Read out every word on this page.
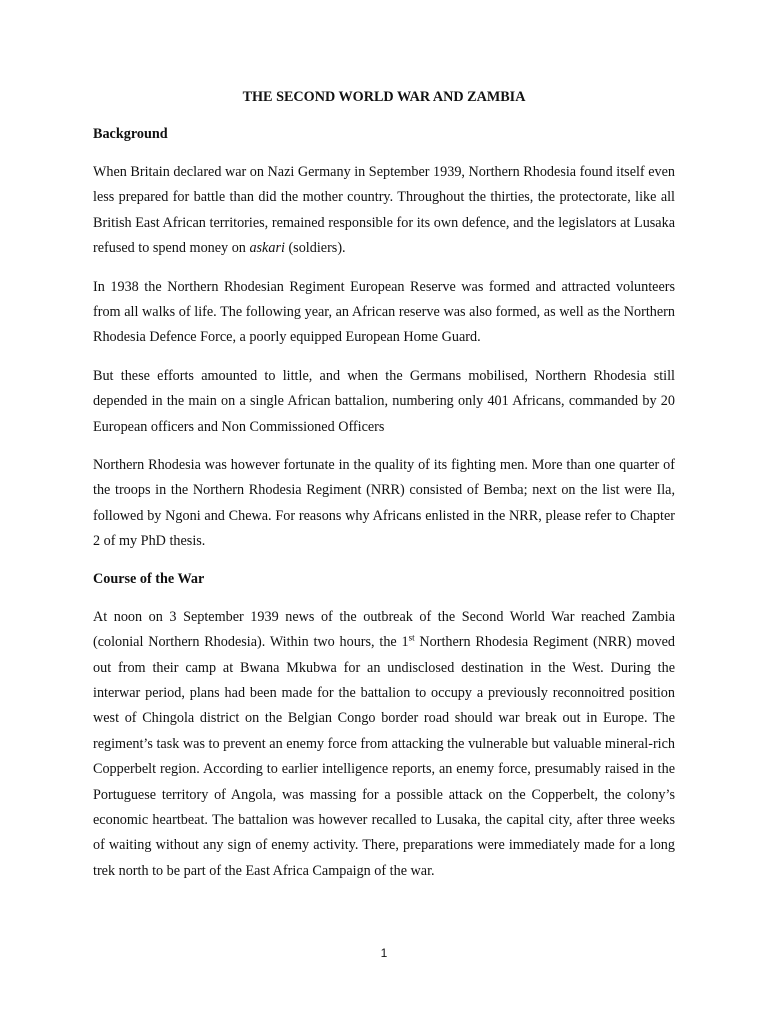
THE SECOND WORLD WAR AND ZAMBIA
Background

When Britain declared war on Nazi Germany in September 1939, Northern Rhodesia found itself even less prepared for battle than did the mother country. Throughout the thirties, the protectorate, like all British East African territories, remained responsible for its own defence, and the legislators at Lusaka refused to spend money on askari (soldiers).

In 1938 the Northern Rhodesian Regiment European Reserve was formed and attracted volunteers from all walks of life. The following year, an African reserve was also formed, as well as the Northern Rhodesia Defence Force, a poorly equipped European Home Guard.

But these efforts amounted to little, and when the Germans mobilised, Northern Rhodesia still depended in the main on a single African battalion, numbering only 401 Africans, commanded by 20 European officers and Non Commissioned Officers

Northern Rhodesia was however fortunate in the quality of its fighting men. More than one quarter of the troops in the Northern Rhodesia Regiment (NRR) consisted of Bemba; next on the list were Ila, followed by Ngoni and Chewa. For reasons why Africans enlisted in the NRR, please refer to Chapter 2 of my PhD thesis.

Course of the War

At noon on 3 September 1939 news of the outbreak of the Second World War reached Zambia (colonial Northern Rhodesia). Within two hours, the 1st Northern Rhodesia Regiment (NRR) moved out from their camp at Bwana Mkubwa for an undisclosed destination in the West. During the interwar period, plans had been made for the battalion to occupy a previously reconnoitred position west of Chingola district on the Belgian Congo border road should war break out in Europe. The regiment’s task was to prevent an enemy force from attacking the vulnerable but valuable mineral-rich Copperbelt region. According to earlier intelligence reports, an enemy force, presumably raised in the Portuguese territory of Angola, was massing for a possible attack on the Copperbelt, the colony’s economic heartbeat. The battalion was however recalled to Lusaka, the capital city, after three weeks of waiting without any sign of enemy activity. There, preparations were immediately made for a long trek north to be part of the East Africa Campaign of the war.

1
